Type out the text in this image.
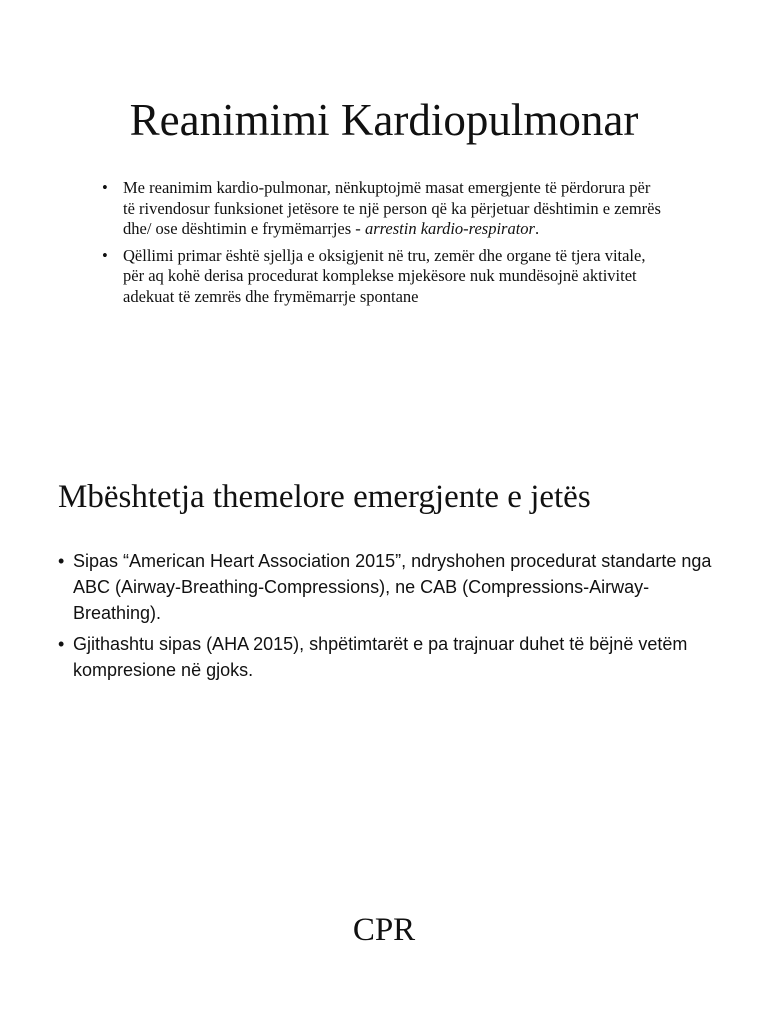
Reanimimi Kardiopulmonar
• Me reanimim kardio-pulmonar, nënkuptojmë masat emergjente të përdorura për të rivendosur funksionet jetësore te një person që ka përjetuar dështimin e zemrës dhe/ ose dështimin e frymëmarrjes - arrestin kardio-respirator.
• Qëllimi primar është sjellja e oksigjenit në tru, zemër dhe organe të tjera vitale, për aq kohë derisa procedurat komplekse mjekësore nuk mundësojnë aktivitet adekuat të zemrës dhe frymëmarrje spontane
Mbështetja themelore emergjente e jetës
• Sipas “American Heart Association 2015”, ndryshohen procedurat standarte nga ABC (Airway-Breathing-Compressions), ne CAB (Compressions-Airway-Breathing).
• Gjithashtu sipas (AHA 2015), shpëtimtarët e pa trajnuar duhet të bëjnë vetëm kompresione në gjoks.
CPR
